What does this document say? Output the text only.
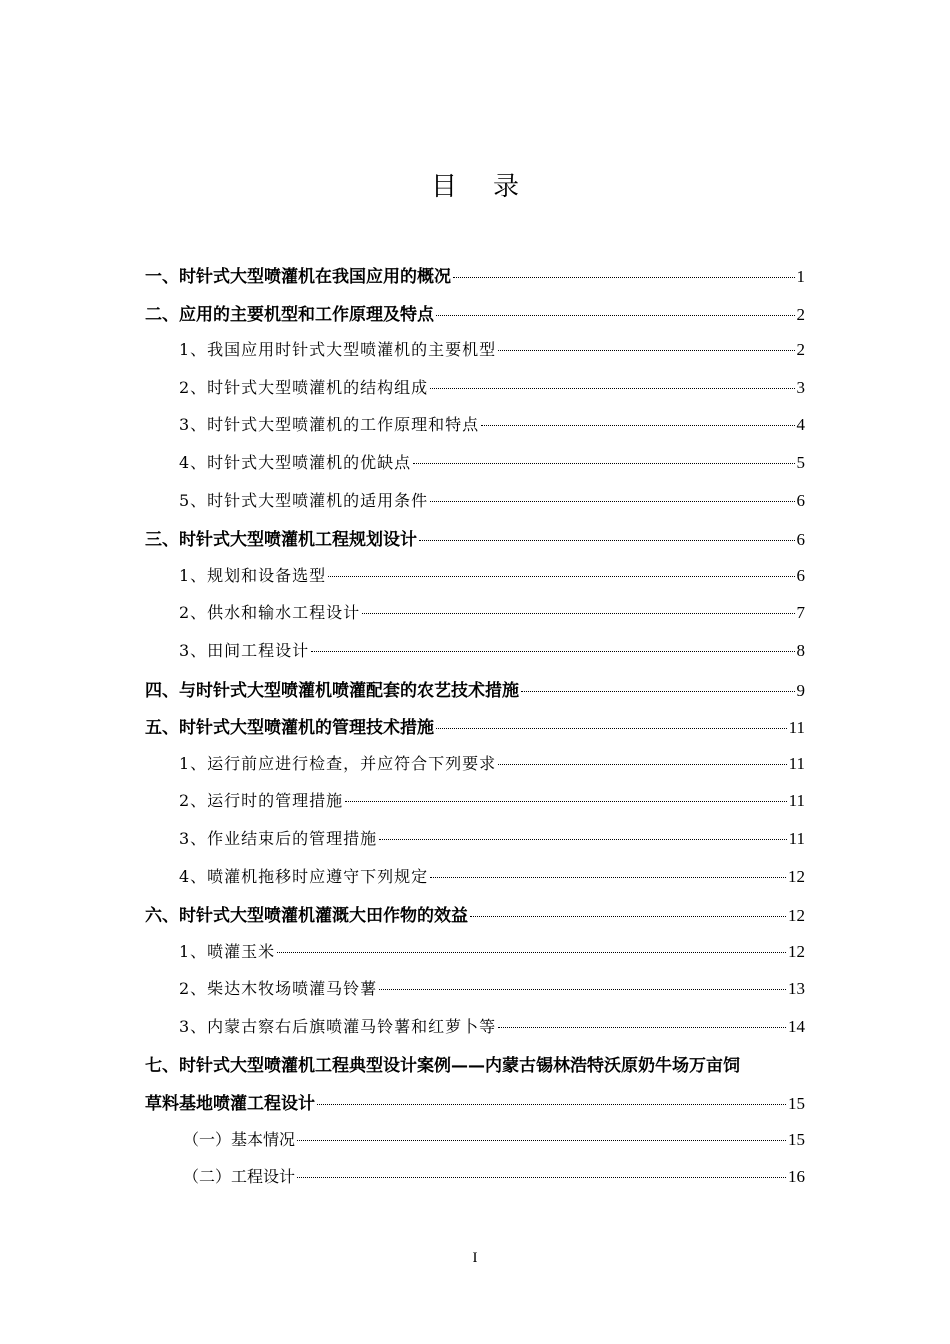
目录
一、时针式大型喷灌机在我国应用的概况	1
二、应用的主要机型和工作原理及特点	2
1、我国应用时针式大型喷灌机的主要机型	2
2、时针式大型喷灌机的结构组成	3
3、时针式大型喷灌机的工作原理和特点	4
4、时针式大型喷灌机的优缺点	5
5、时针式大型喷灌机的适用条件	6
三、时针式大型喷灌机工程规划设计	6
1、规划和设备选型	6
2、供水和输水工程设计	7
3、田间工程设计	8
四、与时针式大型喷灌机喷灌配套的农艺技术措施	9
五、时针式大型喷灌机的管理技术措施	11
1、运行前应进行检查，并应符合下列要求	11
2、运行时的管理措施	11
3、作业结束后的管理措施	11
4、喷灌机拖移时应遵守下列规定	12
六、时针式大型喷灌机灌溉大田作物的效益	12
1、喷灌玉米	12
2、柴达木牧场喷灌马铃薯	13
3、内蒙古察右后旗喷灌马铃薯和红萝卜等	14
七、时针式大型喷灌机工程典型设计案例——内蒙古锡林浩特沃原奶牛场万亩饲
草料基地喷灌工程设计	15
（一）基本情况	15
（二）工程设计	16
I
